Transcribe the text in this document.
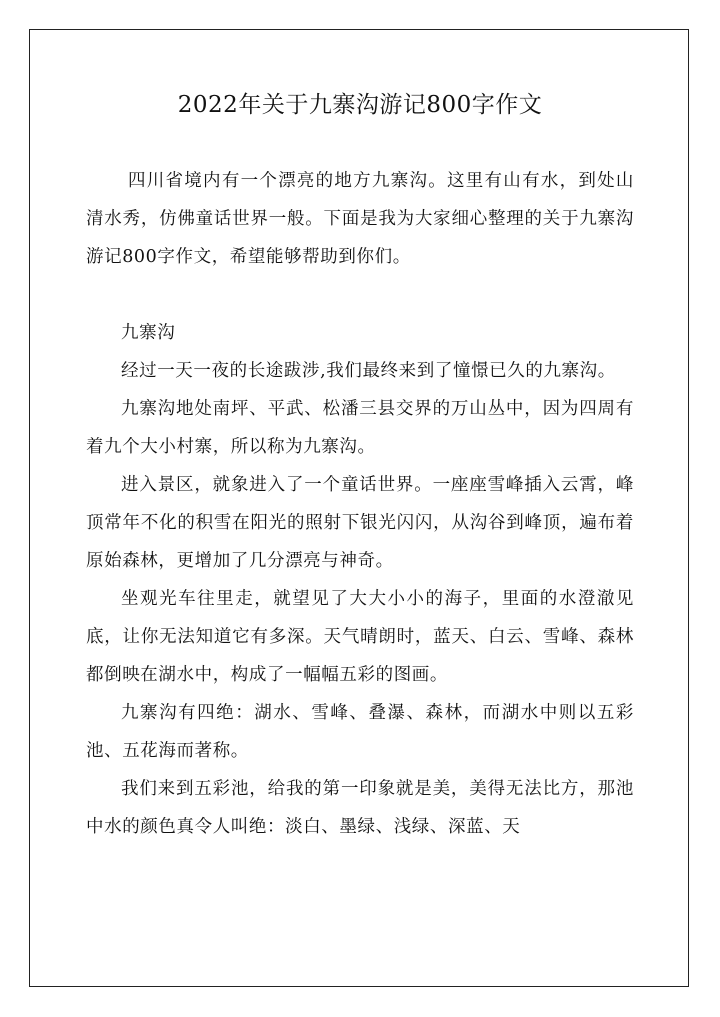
2022年关于九寨沟游记800字作文

四川省境内有一个漂亮的地方九寨沟。这里有山有水，到处山清水秀，仿佛童话世界一般。下面是我为大家细心整理的关于九寨沟游记800字作文，希望能够帮助到你们。

九寨沟

经过一天一夜的长途跋涉,我们最终来到了憧憬已久的九寨沟。

九寨沟地处南坪、平武、松潘三县交界的万山丛中，因为四周有着九个大小村寨，所以称为九寨沟。

进入景区，就象进入了一个童话世界。一座座雪峰插入云霄，峰顶常年不化的积雪在阳光的照射下银光闪闪，从沟谷到峰顶，遍布着原始森林，更增加了几分漂亮与神奇。

坐观光车往里走，就望见了大大小小的海子，里面的水澄澈见底，让你无法知道它有多深。天气晴朗时，蓝天、白云、雪峰、森林都倒映在湖水中，构成了一幅幅五彩的图画。

九寨沟有四绝：湖水、雪峰、叠瀑、森林，而湖水中则以五彩池、五花海而著称。

我们来到五彩池，给我的第一印象就是美，美得无法比方，那池中水的颜色真令人叫绝：淡白、墨绿、浅绿、深蓝、天
